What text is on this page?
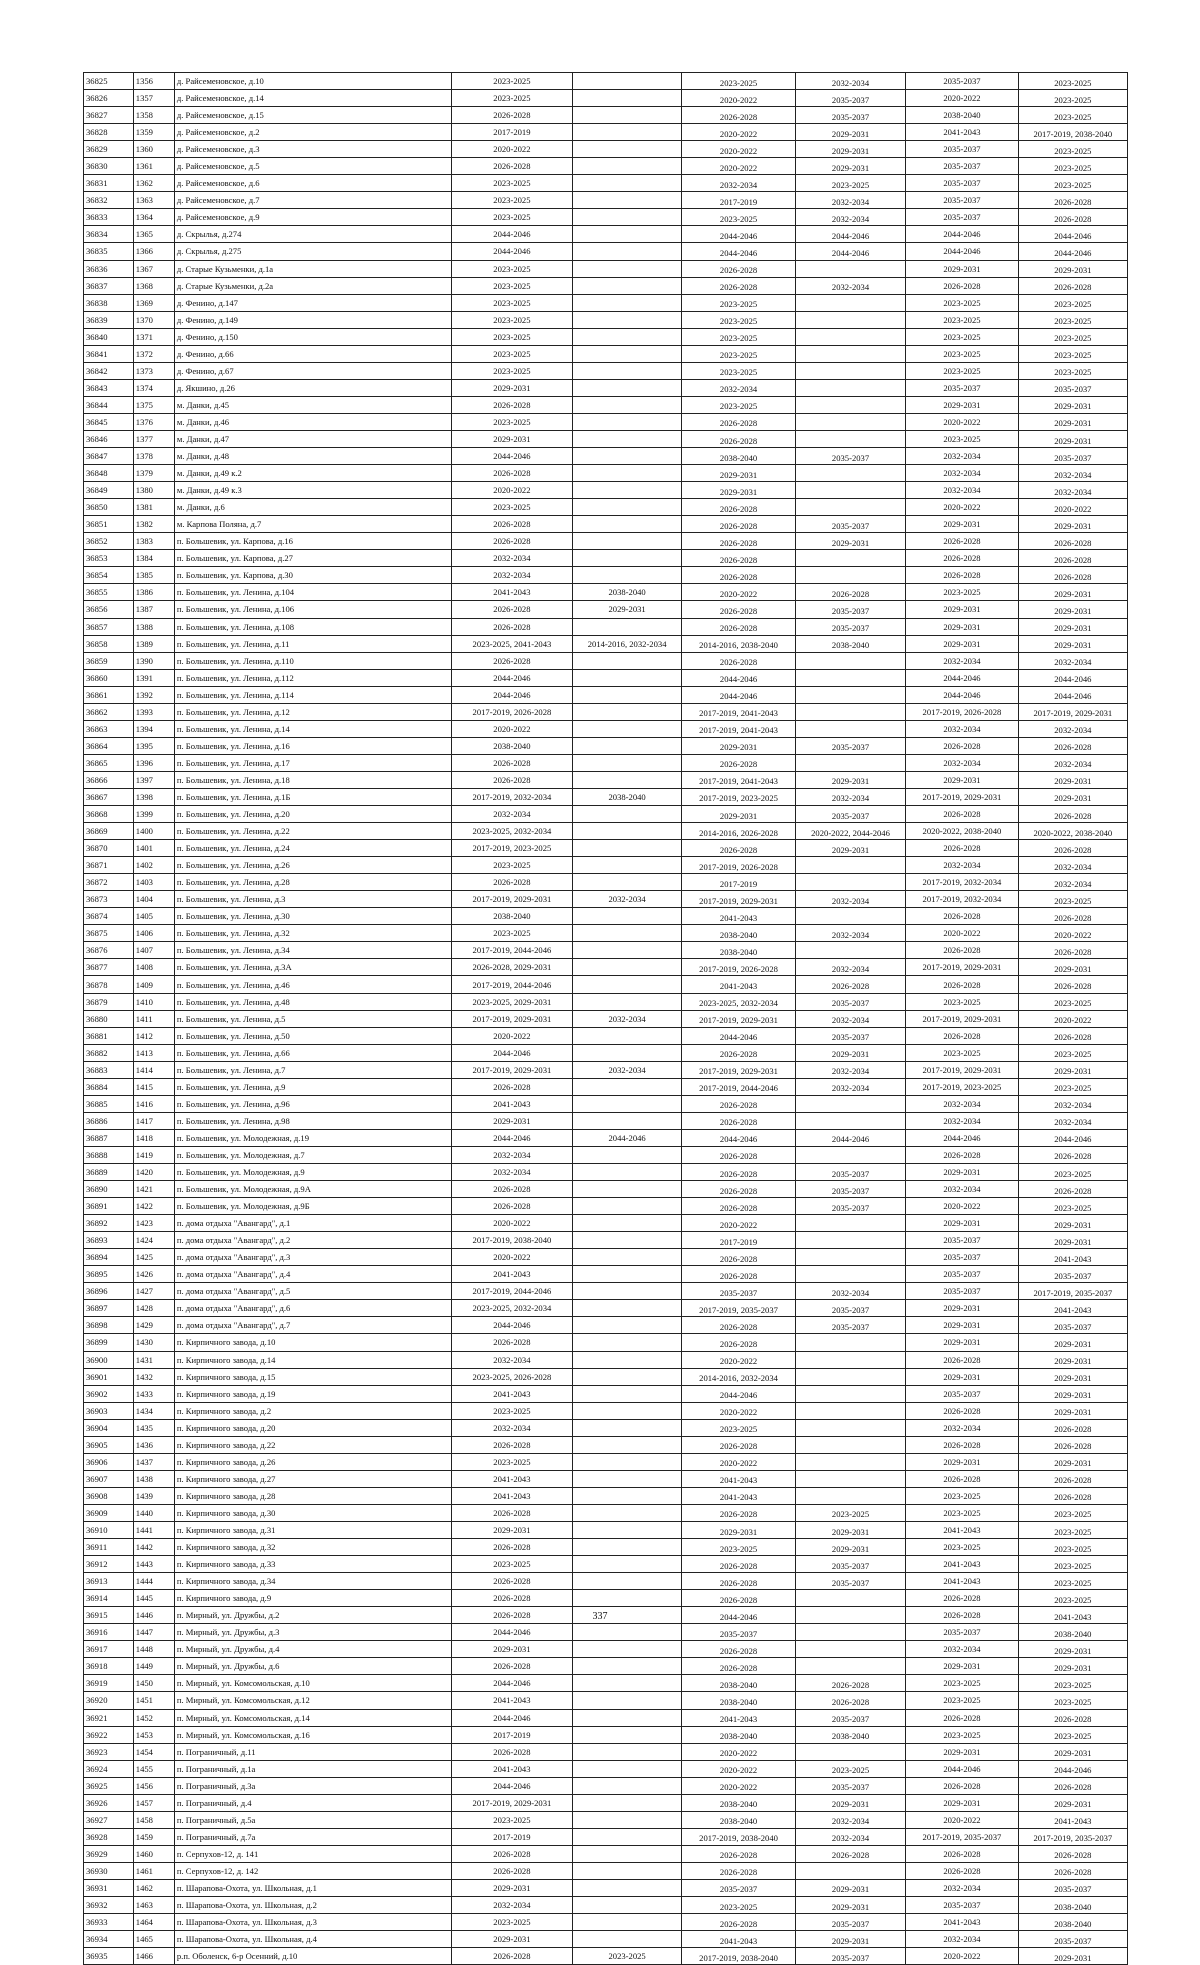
36825	1356	д. Райсеменовское, д.10	2023-2025		2023-2025	2032-2034	2035-2037	2023-2025
36826	1357	д. Райсеменовское, д.14	2023-2025		2020-2022	2035-2037	2020-2022	2023-2025
36827	1358	д. Райсеменовское, д.15	2026-2028		2026-2028	2035-2037	2038-2040	2023-2025
36828	1359	д. Райсеменовское, д.2	2017-2019		2020-2022	2029-2031	2041-2043	2017-2019, 2038-2040
36829	1360	д. Райсеменовское, д.3	2020-2022		2020-2022	2029-2031	2035-2037	2023-2025
36830	1361	д. Райсеменовское, д.5	2026-2028		2020-2022	2029-2031	2035-2037	2023-2025
36831	1362	д. Райсеменовское, д.6	2023-2025		2032-2034	2023-2025	2035-2037	2023-2025
36832	1363	д. Райсеменовское, д.7	2023-2025		2017-2019	2032-2034	2035-2037	2026-2028
36833	1364	д. Райсеменовское, д.9	2023-2025		2023-2025	2032-2034	2035-2037	2026-2028
36834	1365	д. Скрылья, д.274	2044-2046		2044-2046	2044-2046	2044-2046	2044-2046
36835	1366	д. Скрылья, д.275	2044-2046		2044-2046	2044-2046	2044-2046	2044-2046
36836	1367	д. Старые Кузьменки, д.1а	2023-2025		2026-2028		2029-2031	2029-2031
36837	1368	д. Старые Кузьменки, д.2а	2023-2025		2026-2028	2032-2034	2026-2028	2026-2028
36838	1369	д. Фенино, д.147	2023-2025		2023-2025		2023-2025	2023-2025
36839	1370	д. Фенино, д.149	2023-2025		2023-2025		2023-2025	2023-2025
36840	1371	д. Фенино, д.150	2023-2025		2023-2025		2023-2025	2023-2025
36841	1372	д. Фенино, д.66	2023-2025		2023-2025		2023-2025	2023-2025
36842	1373	д. Фенино, д.67	2023-2025		2023-2025		2023-2025	2023-2025
36843	1374	д. Якшино, д.26	2029-2031		2032-2034		2035-2037	2035-2037
36844	1375	м. Данки, д.45	2026-2028		2023-2025		2029-2031	2029-2031
36845	1376	м. Данки, д.46	2023-2025		2026-2028		2020-2022	2029-2031
36846	1377	м. Данки, д.47	2029-2031		2026-2028		2023-2025	2029-2031
36847	1378	м. Данки, д.48	2044-2046		2038-2040	2035-2037	2032-2034	2035-2037
36848	1379	м. Данки, д.49 к.2	2026-2028		2029-2031		2032-2034	2032-2034
36849	1380	м. Данки, д.49 к.3	2020-2022		2029-2031		2032-2034	2032-2034
36850	1381	м. Данки, д.6	2023-2025		2026-2028		2020-2022	2020-2022
36851	1382	м. Карпова Поляна, д.7	2026-2028		2026-2028	2035-2037	2029-2031	2029-2031
36852	1383	п. Большевик, ул. Карпова, д.16	2026-2028		2026-2028	2029-2031	2026-2028	2026-2028
36853	1384	п. Большевик, ул. Карпова, д.27	2032-2034		2026-2028		2026-2028	2026-2028
36854	1385	п. Большевик, ул. Карпова, д.30	2032-2034		2026-2028		2026-2028	2026-2028
36855	1386	п. Большевик, ул. Ленина, д.104	2041-2043	2038-2040	2020-2022	2026-2028	2023-2025	2029-2031
36856	1387	п. Большевик, ул. Ленина, д.106	2026-2028	2029-2031	2026-2028	2035-2037	2029-2031	2029-2031
36857	1388	п. Большевик, ул. Ленина, д.108	2026-2028		2026-2028	2035-2037	2029-2031	2029-2031
36858	1389	п. Большевик, ул. Ленина, д.11	2023-2025, 2041-2043	2014-2016, 2032-2034	2014-2016, 2038-2040	2038-2040	2029-2031	2029-2031
36859	1390	п. Большевик, ул. Ленина, д.110	2026-2028		2026-2028		2032-2034	2032-2034
36860	1391	п. Большевик, ул. Ленина, д.112	2044-2046		2044-2046		2044-2046	2044-2046
36861	1392	п. Большевик, ул. Ленина, д.114	2044-2046		2044-2046		2044-2046	2044-2046
36862	1393	п. Большевик, ул. Ленина, д.12	2017-2019, 2026-2028		2017-2019, 2041-2043		2017-2019, 2026-2028	2017-2019, 2029-2031
36863	1394	п. Большевик, ул. Ленина, д.14	2020-2022		2017-2019, 2041-2043		2032-2034	2032-2034
36864	1395	п. Большевик, ул. Ленина, д.16	2038-2040		2029-2031	2035-2037	2026-2028	2026-2028
36865	1396	п. Большевик, ул. Ленина, д.17	2026-2028		2026-2028		2032-2034	2032-2034
36866	1397	п. Большевик, ул. Ленина, д.18	2026-2028		2017-2019, 2041-2043	2029-2031	2029-2031	2029-2031
36867	1398	п. Большевик, ул. Ленина, д.1Б	2017-2019, 2032-2034	2038-2040	2017-2019, 2023-2025	2032-2034	2017-2019, 2029-2031	2029-2031
36868	1399	п. Большевик, ул. Ленина, д.20	2032-2034		2029-2031	2035-2037	2026-2028	2026-2028
36869	1400	п. Большевик, ул. Ленина, д.22	2023-2025, 2032-2034		2014-2016, 2026-2028	2020-2022, 2044-2046	2020-2022, 2038-2040	2020-2022, 2038-2040
36870	1401	п. Большевик, ул. Ленина, д.24	2017-2019, 2023-2025		2026-2028	2029-2031	2026-2028	2026-2028
36871	1402	п. Большевик, ул. Ленина, д.26	2023-2025		2017-2019, 2026-2028		2032-2034	2032-2034
36872	1403	п. Большевик, ул. Ленина, д.28	2026-2028		2017-2019		2017-2019, 2032-2034	2032-2034
36873	1404	п. Большевик, ул. Ленина, д.3	2017-2019, 2029-2031	2032-2034	2017-2019, 2029-2031	2032-2034	2017-2019, 2032-2034	2023-2025
36874	1405	п. Большевик, ул. Ленина, д.30	2038-2040		2041-2043		2026-2028	2026-2028
36875	1406	п. Большевик, ул. Ленина, д.32	2023-2025		2038-2040	2032-2034	2020-2022	2020-2022
36876	1407	п. Большевик, ул. Ленина, д.34	2017-2019, 2044-2046		2038-2040		2026-2028	2026-2028
36877	1408	п. Большевик, ул. Ленина, д.3А	2026-2028, 2029-2031		2017-2019, 2026-2028	2032-2034	2017-2019, 2029-2031	2029-2031
36878	1409	п. Большевик, ул. Ленина, д.46	2017-2019, 2044-2046		2041-2043	2026-2028	2026-2028	2026-2028
36879	1410	п. Большевик, ул. Ленина, д.48	2023-2025, 2029-2031		2023-2025, 2032-2034	2035-2037	2023-2025	2023-2025
36880	1411	п. Большевик, ул. Ленина, д.5	2017-2019, 2029-2031	2032-2034	2017-2019, 2029-2031	2032-2034	2017-2019, 2029-2031	2020-2022
36881	1412	п. Большевик, ул. Ленина, д.50	2020-2022		2044-2046	2035-2037	2026-2028	2026-2028
36882	1413	п. Большевик, ул. Ленина, д.66	2044-2046		2026-2028	2029-2031	2023-2025	2023-2025
36883	1414	п. Большевик, ул. Ленина, д.7	2017-2019, 2029-2031	2032-2034	2017-2019, 2029-2031	2032-2034	2017-2019, 2029-2031	2029-2031
36884	1415	п. Большевик, ул. Ленина, д.9	2026-2028		2017-2019, 2044-2046	2032-2034	2017-2019, 2023-2025	2023-2025
36885	1416	п. Большевик, ул. Ленина, д.96	2041-2043		2026-2028		2032-2034	2032-2034
36886	1417	п. Большевик, ул. Ленина, д.98	2029-2031		2026-2028		2032-2034	2032-2034
36887	1418	п. Большевик, ул. Молодежная, д.19	2044-2046	2044-2046	2044-2046	2044-2046	2044-2046	2044-2046
36888	1419	п. Большевик, ул. Молодежная, д.7	2032-2034		2026-2028		2026-2028	2026-2028
36889	1420	п. Большевик, ул. Молодежная, д.9	2032-2034		2026-2028	2035-2037	2029-2031	2023-2025
36890	1421	п. Большевик, ул. Молодежная, д.9А	2026-2028		2026-2028	2035-2037	2032-2034	2026-2028
36891	1422	п. Большевик, ул. Молодежная, д.9Б	2026-2028		2026-2028	2035-2037	2020-2022	2023-2025
36892	1423	п. дома отдыха "Авангард", д.1	2020-2022		2020-2022		2029-2031	2029-2031
36893	1424	п. дома отдыха "Авангард", д.2	2017-2019, 2038-2040		2017-2019		2035-2037	2029-2031
36894	1425	п. дома отдыха "Авангард", д.3	2020-2022		2026-2028		2035-2037	2041-2043
36895	1426	п. дома отдыха "Авангард", д.4	2041-2043		2026-2028		2035-2037	2035-2037
36896	1427	п. дома отдыха "Авангард", д.5	2017-2019, 2044-2046		2035-2037	2032-2034	2035-2037	2017-2019, 2035-2037
36897	1428	п. дома отдыха "Авангард", д.6	2023-2025, 2032-2034		2017-2019, 2035-2037	2035-2037	2029-2031	2041-2043
36898	1429	п. дома отдыха "Авангард", д.7	2044-2046		2026-2028	2035-2037	2029-2031	2035-2037
36899	1430	п. Кирпичного завода, д.10	2026-2028		2026-2028		2029-2031	2029-2031
36900	1431	п. Кирпичного завода, д.14	2032-2034		2020-2022		2026-2028	2029-2031
36901	1432	п. Кирпичного завода, д.15	2023-2025, 2026-2028		2014-2016, 2032-2034		2029-2031	2029-2031
36902	1433	п. Кирпичного завода, д.19	2041-2043		2044-2046		2035-2037	2029-2031
36903	1434	п. Кирпичного завода, д.2	2023-2025		2020-2022		2026-2028	2029-2031
36904	1435	п. Кирпичного завода, д.20	2032-2034		2023-2025		2032-2034	2026-2028
36905	1436	п. Кирпичного завода, д.22	2026-2028		2026-2028		2026-2028	2026-2028
36906	1437	п. Кирпичного завода, д.26	2023-2025		2020-2022		2029-2031	2029-2031
36907	1438	п. Кирпичного завода, д.27	2041-2043		2041-2043		2026-2028	2026-2028
36908	1439	п. Кирпичного завода, д.28	2041-2043		2041-2043		2023-2025	2026-2028
36909	1440	п. Кирпичного завода, д.30	2026-2028		2026-2028	2023-2025	2023-2025	2023-2025
36910	1441	п. Кирпичного завода, д.31	2029-2031		2029-2031	2029-2031	2041-2043	2023-2025
36911	1442	п. Кирпичного завода, д.32	2026-2028		2023-2025	2029-2031	2023-2025	2023-2025
36912	1443	п. Кирпичного завода, д.33	2023-2025		2026-2028	2035-2037	2041-2043	2023-2025
36913	1444	п. Кирпичного завода, д.34	2026-2028		2026-2028	2035-2037	2041-2043	2023-2025
36914	1445	п. Кирпичного завода, д.9	2026-2028		2026-2028		2026-2028	2023-2025
36915	1446	п. Мирный, ул. Дружбы, д.2	2026-2028		2044-2046		2026-2028	2041-2043
36916	1447	п. Мирный, ул. Дружбы, д.3	2044-2046		2035-2037		2035-2037	2038-2040
36917	1448	п. Мирный, ул. Дружбы, д.4	2029-2031		2026-2028		2032-2034	2029-2031
36918	1449	п. Мирный, ул. Дружбы, д.6	2026-2028		2026-2028		2029-2031	2029-2031
36919	1450	п. Мирный, ул. Комсомольская, д.10	2044-2046		2038-2040	2026-2028	2023-2025	2023-2025
36920	1451	п. Мирный, ул. Комсомольская, д.12	2041-2043		2038-2040	2026-2028	2023-2025	2023-2025
36921	1452	п. Мирный, ул. Комсомольская, д.14	2044-2046		2041-2043	2035-2037	2026-2028	2026-2028
36922	1453	п. Мирный, ул. Комсомольская, д.16	2017-2019		2038-2040	2038-2040	2023-2025	2023-2025
36923	1454	п. Пограничный, д.11	2026-2028		2020-2022		2029-2031	2029-2031
36924	1455	п. Пограничный, д.1а	2041-2043		2020-2022	2023-2025	2044-2046	2044-2046
36925	1456	п. Пограничный, д.3а	2044-2046		2020-2022	2035-2037	2026-2028	2026-2028
36926	1457	п. Пограничный, д.4	2017-2019, 2029-2031		2038-2040	2029-2031	2029-2031	2029-2031
36927	1458	п. Пограничный, д.5а	2023-2025		2038-2040	2032-2034	2020-2022	2041-2043
36928	1459	п. Пограничный, д.7а	2017-2019		2017-2019, 2038-2040	2032-2034	2017-2019, 2035-2037	2017-2019, 2035-2037
36929	1460	п. Серпухов-12, д. 141	2026-2028		2026-2028	2026-2028	2026-2028	2026-2028
36930	1461	п. Серпухов-12, д. 142	2026-2028		2026-2028		2026-2028	2026-2028
36931	1462	п. Шарапова-Охота, ул. Школьная, д.1	2029-2031		2035-2037	2029-2031	2032-2034	2035-2037
36932	1463	п. Шарапова-Охота, ул. Школьная, д.2	2032-2034		2023-2025	2029-2031	2035-2037	2038-2040
36933	1464	п. Шарапова-Охота, ул. Школьная, д.3	2023-2025		2026-2028	2035-2037	2041-2043	2038-2040
36934	1465	п. Шарапова-Охота, ул. Школьная, д.4	2029-2031		2041-2043	2029-2031	2032-2034	2035-2037
36935	1466	р.п. Оболенск, 6-р Осенний, д.10	2026-2028	2023-2025	2017-2019, 2038-2040	2035-2037	2020-2022	2029-2031
337
